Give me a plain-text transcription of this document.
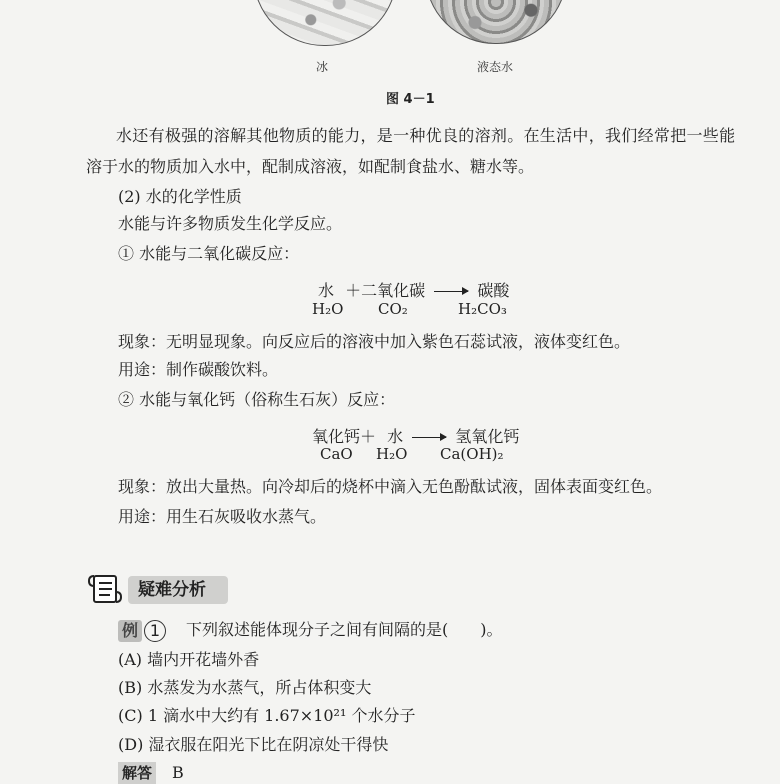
冰	液态水
图 4－1
水还有极强的溶解其他物质的能力，是一种优良的溶剂。在生活中，我们经常把一些能
溶于水的物质加入水中，配制成溶液，如配制食盐水、糖水等。
(2) 水的化学性质
水能与许多物质发生化学反应。
① 水能与二氧化碳反应：
水 ＋二氧化碳 → 碳酸
H₂O CO₂	H₂CO₃
现象：无明显现象。向反应后的溶液中加入紫色石蕊试液，液体变红色。
用途：制作碳酸饮料。
② 水能与氧化钙（俗称生石灰）反应：
氧化钙＋ 水 → 氢氧化钙
CaO H₂O Ca(OH)₂
现象：放出大量热。向冷却后的烧杯中滴入无色酚酞试液，固体表面变红色。
用途：用生石灰吸收水蒸气。
疑难分析
例 1	下列叙述能体现分子之间有间隔的是(　　)。
(A) 墙内开花墙外香
(B) 水蒸发为水蒸气，所占体积变大
(C) 1 滴水中大约有 1.67×10²¹ 个水分子
(D) 湿衣服在阳光下比在阴凉处干得快
解答 B
